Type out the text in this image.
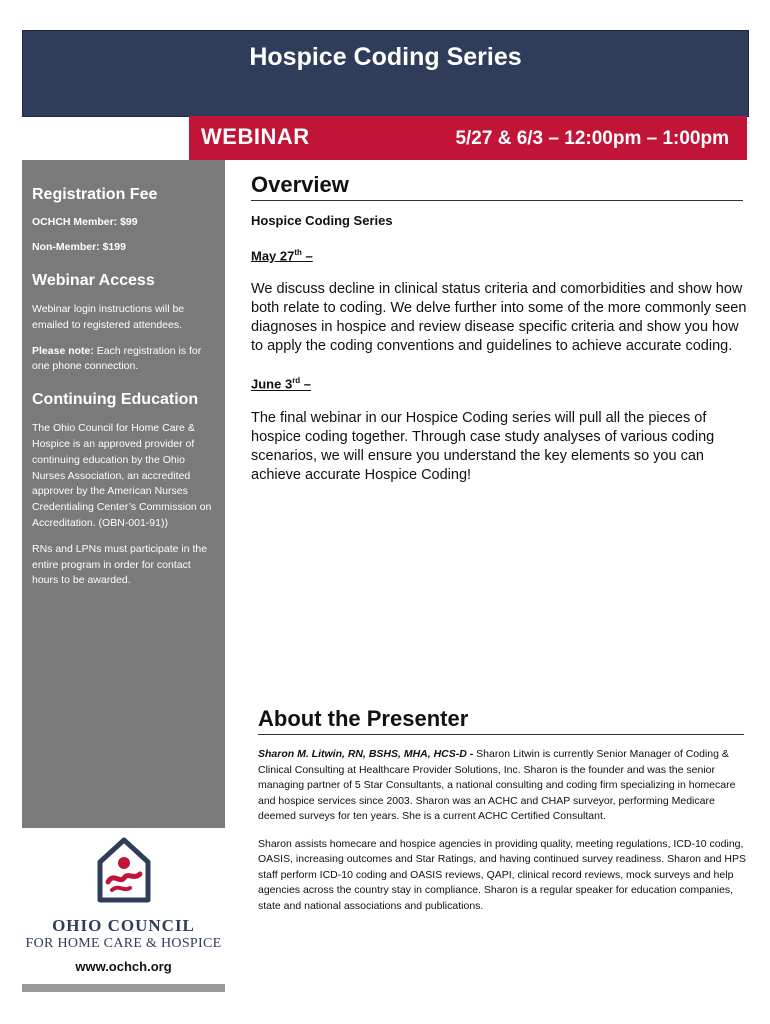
Hospice Coding Series
WEBINAR	5/27 & 6/3 – 12:00pm – 1:00pm
Registration Fee
OCHCH Member: $99
Non-Member: $199
Webinar Access

Webinar login instructions will be emailed to registered attendees.

Please note: Each registration is for one phone connection.

Continuing Education

The Ohio Council for Home Care & Hospice is an approved provider of continuing education by the Ohio Nurses Association, an accredited approver by the American Nurses Credentialing Center’s Commission on Accreditation. (OBN-001-91))

RNs and LPNs must participate in the entire program in order for contact hours to be awarded.

OHIO COUNCIL
FOR HOME CARE & HOSPICE
www.ochch.org
Overview
Hospice Coding Series
May 27th –

We discuss decline in clinical status criteria and comorbidities and show how both relate to coding. We delve further into some of the more commonly seen diagnoses in hospice and review disease specific criteria and show you how to apply the coding conventions and guidelines to achieve accurate coding.

June 3rd –

The final webinar in our Hospice Coding series will pull all the pieces of hospice coding together. Through case study analyses of various coding scenarios, we will ensure you understand the key elements so you can achieve accurate Hospice Coding!

About the Presenter

Sharon M. Litwin, RN, BSHS, MHA, HCS-D - Sharon Litwin is currently Senior Manager of Coding & Clinical Consulting at Healthcare Provider Solutions, Inc. Sharon is the founder and was the senior managing partner of 5 Star Consultants, a national consulting and coding firm specializing in homecare and hospice services since 2003. Sharon was an ACHC and CHAP surveyor, performing Medicare deemed surveys for ten years. She is a current ACHC Certified Consultant.

Sharon assists homecare and hospice agencies in providing quality, meeting regulations, ICD-10 coding, OASIS, increasing outcomes and Star Ratings, and having continued survey readiness. Sharon and HPS staff perform ICD-10 coding and OASIS reviews, QAPI, clinical record reviews, mock surveys and help agencies across the country stay in compliance. Sharon is a regular speaker for education companies, state and national associations and publications.
